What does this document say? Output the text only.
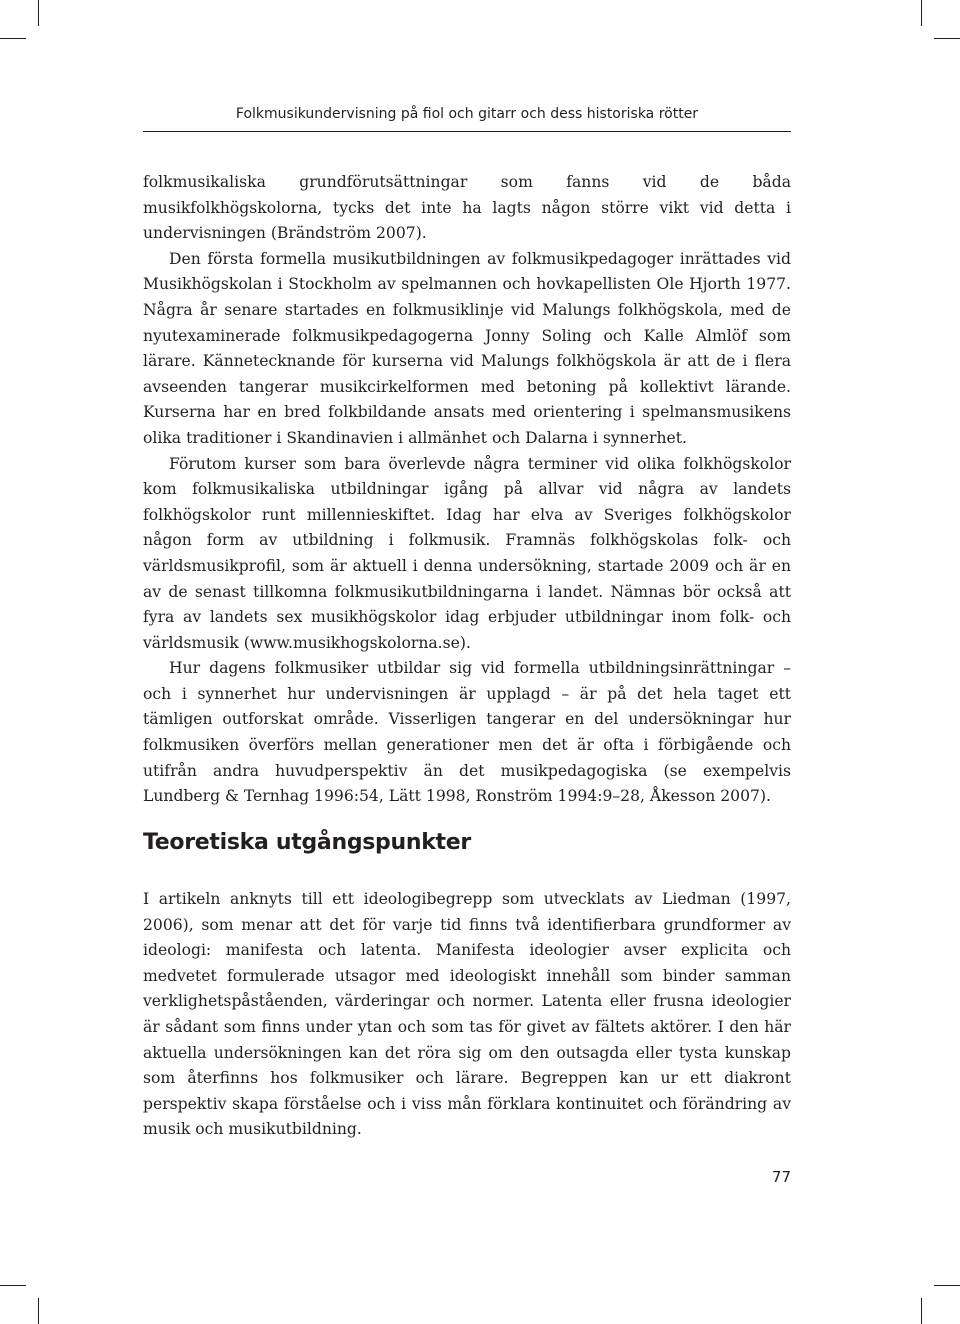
Folkmusikundervisning på fiol och gitarr och dess historiska rötter

folkmusikaliska grundförutsättningar som fanns vid de båda musikfolkhögskolorna, tycks det inte ha lagts någon större vikt vid detta i undervisningen (Brändström 2007).

Den första formella musikutbildningen av folkmusikpedagoger inrättades vid Musikhögskolan i Stockholm av spelmannen och hovkapellisten Ole Hjorth 1977. Några år senare startades en folkmusiklinje vid Malungs folkhögskola, med de nyutexaminerade folkmusikpedagogerna Jonny Soling och Kalle Almlöf som lärare. Kännetecknande för kurserna vid Malungs folkhögskola är att de i flera avseenden tangerar musikcirkelformen med betoning på kollektivt lärande. Kurserna har en bred folkbildande ansats med orientering i spelmansmusikens olika traditioner i Skandinavien i allmänhet och Dalarna i synnerhet.

Förutom kurser som bara överlevde några terminer vid olika folkhögskolor kom folkmusikaliska utbildningar igång på allvar vid några av landets folkhögskolor runt millennieskiftet. Idag har elva av Sveriges folkhögskolor någon form av utbildning i folkmusik. Framnäs folkhögskolas folk- och världsmusikprofil, som är aktuell i denna undersökning, startade 2009 och är en av de senast tillkomna folkmusikutbildningarna i landet. Nämnas bör också att fyra av landets sex musikhögskolor idag erbjuder utbildningar inom folk- och världsmusik (www.musikhogskolorna.se).

Hur dagens folkmusiker utbildar sig vid formella utbildningsinrättningar – och i synnerhet hur undervisningen är upplagd – är på det hela taget ett tämligen outforskat område. Visserligen tangerar en del undersökningar hur folkmusiken överförs mellan generationer men det är ofta i förbigående och utifrån andra huvudperspektiv än det musikpedagogiska (se exempelvis Lundberg & Ternhag 1996:54, Lätt 1998, Ronström 1994:9–28, Åkesson 2007).

Teoretiska utgångspunkter

I artikeln anknyts till ett ideologibegrepp som utvecklats av Liedman (1997, 2006), som menar att det för varje tid finns två identifierbara grundformer av ideologi: manifesta och latenta. Manifesta ideologier avser explicita och medvetet formulerade utsagor med ideologiskt innehåll som binder samman verklighetspåståenden, värderingar och normer. Latenta eller frusna ideologier är sådant som finns under ytan och som tas för givet av fältets aktörer. I den här aktuella undersökningen kan det röra sig om den outsagda eller tysta kunskap som återfinns hos folkmusiker och lärare. Begreppen kan ur ett diakront perspektiv skapa förståelse och i viss mån förklara kontinuitet och förändring av musik och musikutbildning.

77
